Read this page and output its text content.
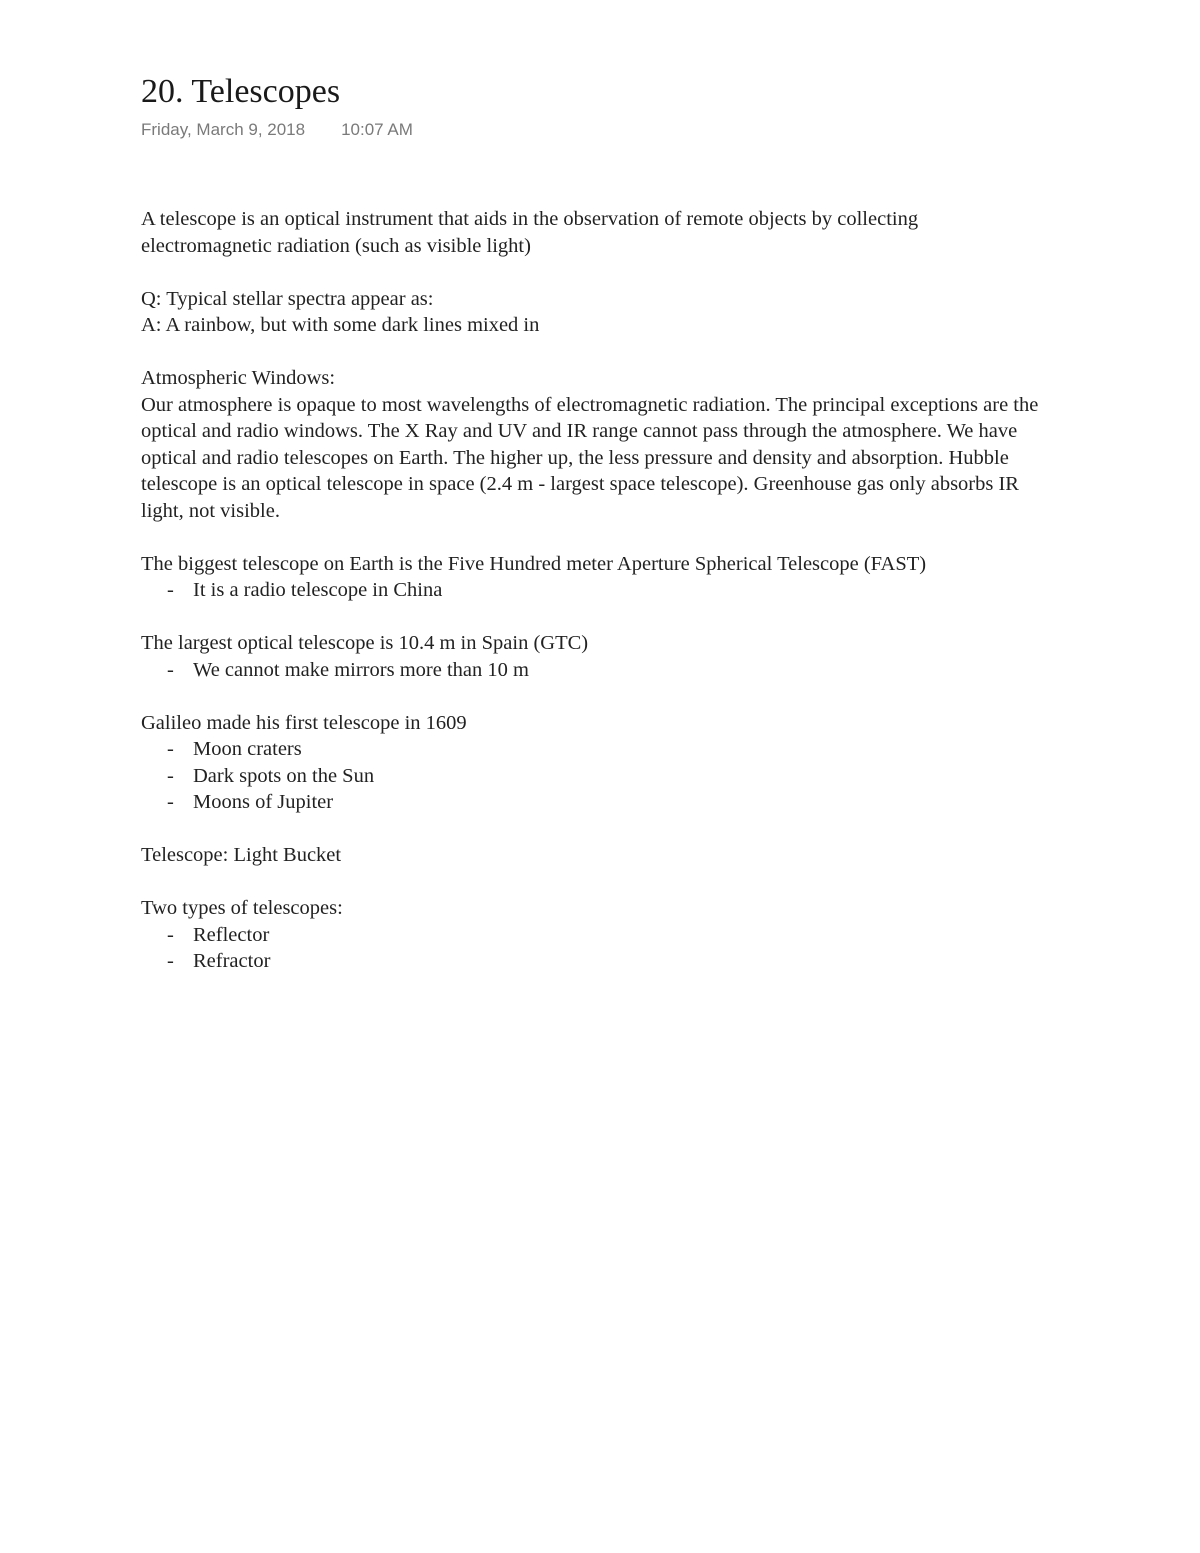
20. Telescopes
Friday, March 9, 2018 10:07 AM

A telescope is an optical instrument that aids in the observation of remote objects by collecting electromagnetic radiation (such as visible light)

Q: Typical stellar spectra appear as:

A: A rainbow, but with some dark lines mixed in

Atmospheric Windows:

Our atmosphere is opaque to most wavelengths of electromagnetic radiation. The principal exceptions are the optical and radio windows. The X Ray and UV and IR range cannot pass through the atmosphere. We have optical and radio telescopes on Earth. The higher up, the less pressure and density and absorption. Hubble telescope is an optical telescope in space (2.4 m - largest space telescope). Greenhouse gas only absorbs IR light, not visible.

The biggest telescope on Earth is the Five Hundred meter Aperture Spherical Telescope (FAST)

- It is a radio telescope in China

The largest optical telescope is 10.4 m in Spain (GTC)

- We cannot make mirrors more than 10 m

Galileo made his first telescope in 1609

- Moon craters
- Dark spots on the Sun
- Moons of Jupiter

Telescope: Light Bucket

Two types of telescopes:

- Reflector
- Refractor
